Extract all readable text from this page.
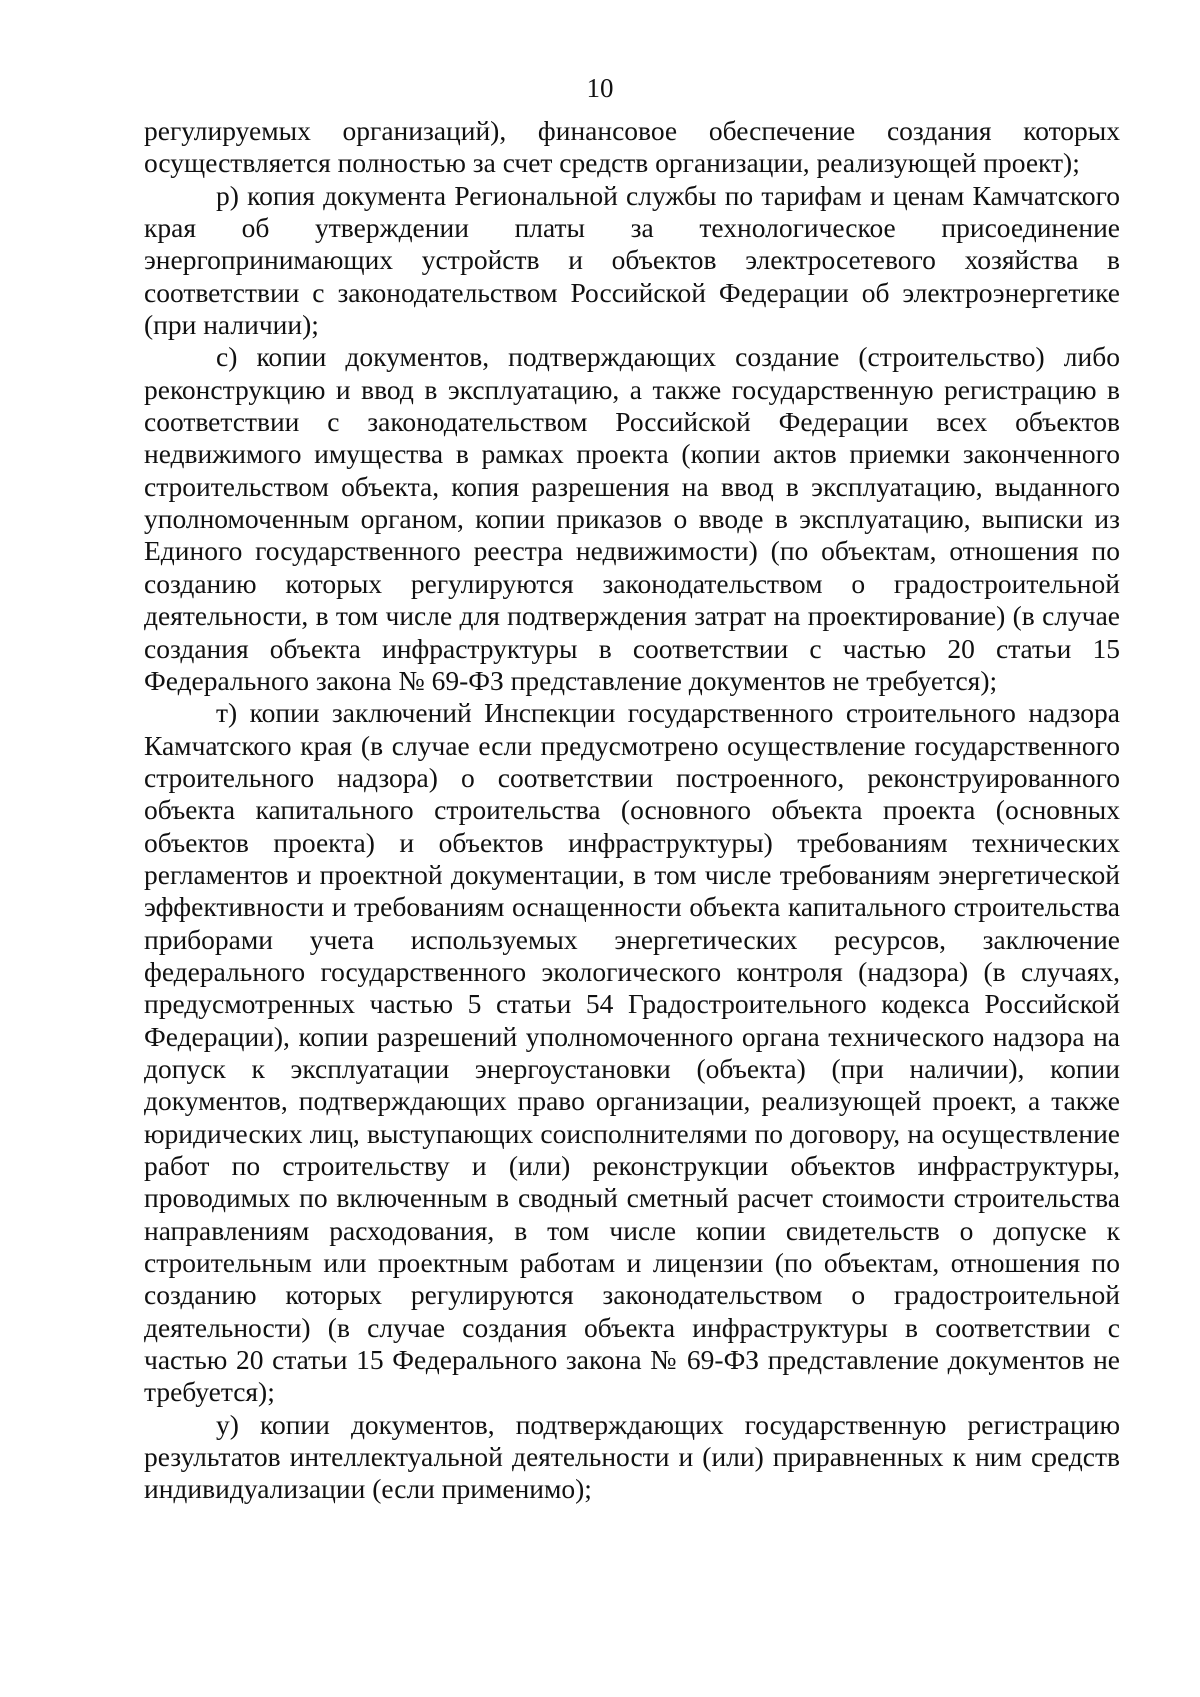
10

регулируемых организаций), финансовое обеспечение создания которых осуществляется полностью за счет средств организации, реализующей проект);

р) копия документа Региональной службы по тарифам и ценам Камчатского края об утверждении платы за технологическое присоединение энергопринимающих устройств и объектов электросетевого хозяйства в соответствии с законодательством Российской Федерации об электроэнергетике (при наличии);

с) копии документов, подтверждающих создание (строительство) либо реконструкцию и ввод в эксплуатацию, а также государственную регистрацию в соответствии с законодательством Российской Федерации всех объектов недвижимого имущества в рамках проекта (копии актов приемки законченного строительством объекта, копия разрешения на ввод в эксплуатацию, выданного уполномоченным органом, копии приказов о вводе в эксплуатацию, выписки из Единого государственного реестра недвижимости) (по объектам, отношения по созданию которых регулируются законодательством о градостроительной деятельности, в том числе для подтверждения затрат на проектирование) (в случае создания объекта инфраструктуры в соответствии с частью 20 статьи 15 Федерального закона № 69-ФЗ представление документов не требуется);

т) копии заключений Инспекции государственного строительного надзора Камчатского края (в случае если предусмотрено осуществление государственного строительного надзора) о соответствии построенного, реконструированного объекта капитального строительства (основного объекта проекта (основных объектов проекта) и объектов инфраструктуры) требованиям технических регламентов и проектной документации, в том числе требованиям энергетической эффективности и требованиям оснащенности объекта капитального строительства приборами учета используемых энергетических ресурсов, заключение федерального государственного экологического контроля (надзора) (в случаях, предусмотренных частью 5 статьи 54 Градостроительного кодекса Российской Федерации), копии разрешений уполномоченного органа технического надзора на допуск к эксплуатации энергоустановки (объекта) (при наличии), копии документов, подтверждающих право организации, реализующей проект, а также юридических лиц, выступающих соисполнителями по договору, на осуществление работ по строительству и (или) реконструкции объектов инфраструктуры, проводимых по включенным в сводный сметный расчет стоимости строительства направлениям расходования, в том числе копии свидетельств о допуске к строительным или проектным работам и лицензии (по объектам, отношения по созданию которых регулируются законодательством о градостроительной деятельности) (в случае создания объекта инфраструктуры в соответствии с частью 20 статьи 15 Федерального закона № 69-ФЗ представление документов не требуется);

у) копии документов, подтверждающих государственную регистрацию результатов интеллектуальной деятельности и (или) приравненных к ним средств индивидуализации (если применимо);
